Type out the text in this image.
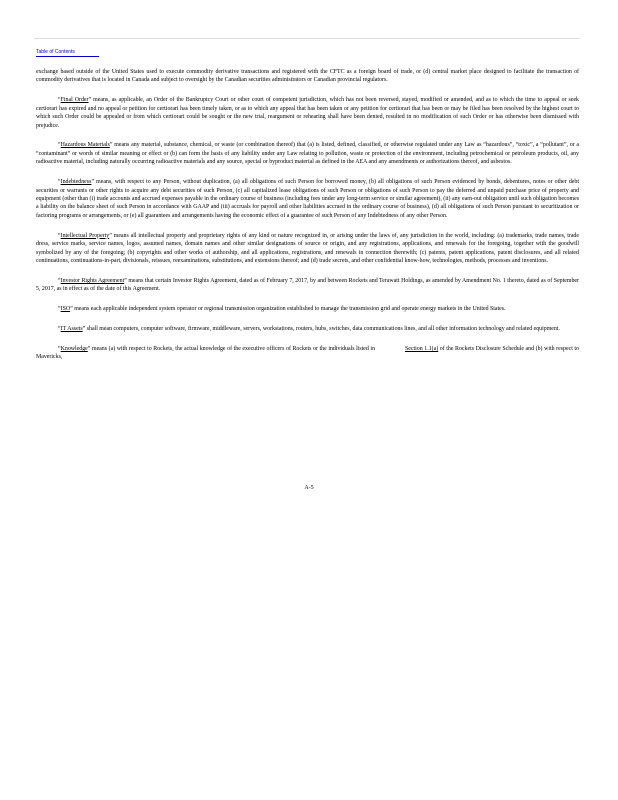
Table of Contents

exchange based outside of the United States used to execute commodity derivative transactions and registered with the CFTC as a foreign board of trade, or (d) central market place designed to facilitate the transaction of commodity derivatives that is located in Canada and subject to oversight by the Canadian securities administrators or Canadian provincial regulators.

“Final Order” means, as applicable, an Order of the Bankruptcy Court or other court of competent jurisdiction, which has not been reversed, stayed, modified or amended, and as to which the time to appeal or seek certiorari has expired and no appeal or petition for certiorari has been timely taken, or as to which any appeal that has been taken or any petition for certiorari that has been or may be filed has been resolved by the highest court to which such Order could be appealed or from which certiorari could be sought or the new trial, reargument or rehearing shall have been denied, resulted in no modification of such Order or has otherwise been dismissed with prejudice.

“Hazardous Materials” means any material, substance, chemical, or waste (or combination thereof) that (a) is listed, defined, classified, or otherwise regulated under any Law as “hazardous”, “toxic”, a “pollutant”, or a “contaminant” or words of similar meaning or effect or (b) can form the basis of any liability under any Law relating to pollution, waste or protection of the environment, including petrochemical or petroleum products, oil, any radioactive material, including naturally occurring radioactive materials and any source, special or byproduct material as defined in the AEA and any amendments or authorizations thereof, and asbestos.

“Indebtedness” means, with respect to any Person, without duplication, (a) all obligations of such Person for borrowed money, (b) all obligations of such Person evidenced by bonds, debentures, notes or other debt securities or warrants or other rights to acquire any debt securities of such Person, (c) all capitalized lease obligations of such Person or obligations of such Person to pay the deferred and unpaid purchase price of property and equipment (other than (i) trade accounts and accrued expenses payable in the ordinary course of business (including fees under any long-term service or similar agreement), (ii) any earn-out obligation until such obligation becomes a liability on the balance sheet of such Person in accordance with GAAP and (iii) accruals for payroll and other liabilities accrued in the ordinary course of business), (d) all obligations of such Person pursuant to securitization or factoring programs or arrangements, or (e) all guarantees and arrangements having the economic effect of a guarantee of such Person of any Indebtedness of any other Person.

“Intellectual Property” means all intellectual property and proprietary rights of any kind or nature recognized in, or arising under the laws of, any jurisdiction in the world, including: (a) trademarks, trade names, trade dress, service marks, service names, logos, assumed names, domain names and other similar designations of source or origin, and any registrations, applications, and renewals for the foregoing, together with the goodwill symbolized by any of the foregoing; (b) copyrights and other works of authorship, and all applications, registrations, and renewals in connection therewith; (c) patents, patent applications, patent disclosures, and all related continuations, continuations-in-part, divisionals, reissues, reexaminations, substitutions, and extensions thereof; and (d) trade secrets, and other confidential know-how, technologies, methods, processes and inventions.

“Investor Rights Agreement” means that certain Investor Rights Agreement, dated as of February 7, 2017, by and between Rockets and Terawatt Holdings, as amended by Amendment No. 1 thereto, dated as of September 5, 2017, as in effect as of the date of this Agreement.

“ISO” means each applicable independent system operator or regional transmission organization established to manage the transmission grid and operate energy markets in the United States.

“IT Assets” shall mean computers, computer software, firmware, middleware, servers, workstations, routers, hubs, switches, data communications lines, and all other information technology and related equipment.

“Knowledge” means (a) with respect to Rockets, the actual knowledge of the executive officers of Rockets or the individuals listed in	Section 1.1(a) of the Rockets Disclosure Schedule and (b) with respect to Mavericks,

A-5
